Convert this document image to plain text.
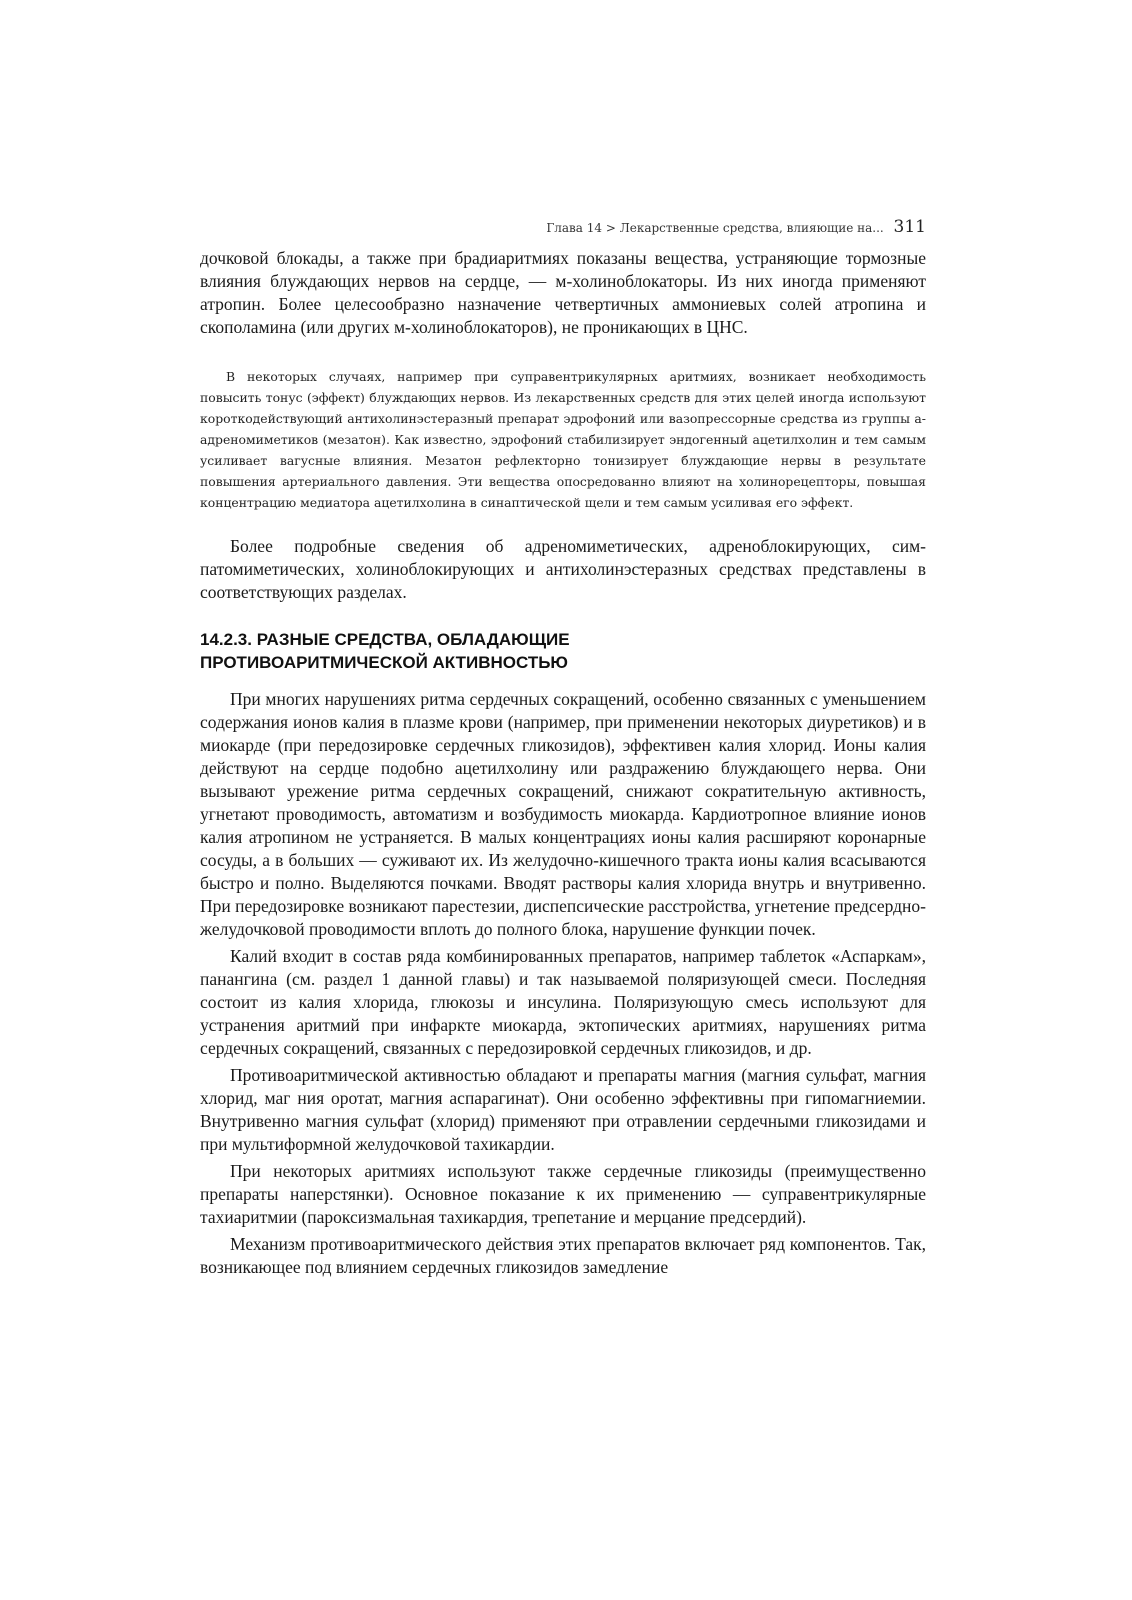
Глава 14 > Лекарственные средства, влияющие на... 311

дочковой блокады, а также при брадиаритмиях показаны вещества, устраняющие тормозные влияния блуждающих нервов на сердце, — м-холиноблокаторы. Из них иногда применяют атропин. Более целесообразно назначение четвертичных аммониевых солей атропина и скополамина (или других м-холиноблокаторов), не проникающих в ЦНС.

В некоторых случаях, например при суправентрикулярных аритмиях, возникает необходимость повысить тонус (эффект) блуждающих нервов. Из лекарственных средств для этих целей иногда используют короткодействующий антихолинэстеразный препарат эдрофоний или вазопрессорные средства из группы a-адреномиметиков (мезатон). Как известно, эдрофоний стабилизирует эндогенный ацетилхолин и тем самым усиливает вагусные влияния. Мезатон рефлекторно тонизирует блуждающие нервы в результате повышения артериального давления. Эти вещества опосредованно влияют на холинорецепторы, повышая концентрацию медиатора ацетилхолина в синаптической щели и тем самым усиливая его эффект.

Более подробные сведения об адреномиметических, адреноблокирующих, симпатомиметических, холиноблокирующих и антихолинэстеразных средствах представлены в соответствующих разделах.

14.2.3. РАЗНЫЕ СРЕДСТВА, ОБЛАДАЮЩИЕ

ПРОТИВОАРИТМИЧЕСКОЙ АКТИВНОСТЬЮ

При многих нарушениях ритма сердечных сокращений, особенно связанных с уменьшением содержания ионов калия в плазме крови (например, при применении некоторых диуретиков) и в миокарде (при передозировке сердечных гликозидов), эффективен калия хлорид. Ионы калия действуют на сердце подобно ацетилхолину или раздражению блуждающего нерва. Они вызывают урежение ритма сердечных сокращений, снижают сократительную активность, угнетают проводимость, автоматизм и возбудимость миокарда. Кардиотропное влияние ионов калия атропином не устраняется. В малых концентрациях ионы калия расширяют коронарные сосуды, а в больших — суживают их. Из желудочно-кишечного тракта ионы калия всасываются быстро и полно. Выделяются почками. Вводят растворы калия хлорида внутрь и внутривенно. При передозировке возникают парестезии, диспепсические расстройства, угнетение предсердно-желудочковой проводимости вплоть до полного блока, нарушение функции почек.

Калий входит в состав ряда комбинированных препаратов, например таблеток «Аспаркам», панангина (см. раздел 1 данной главы) и так называемой поляризующей смеси. Последняя состоит из калия хлорида, глюкозы и инсулина. Поляризующую смесь используют для устранения аритмий при инфаркте миокарда, эктопических аритмиях, нарушениях ритма сердечных сокращений, связанных с передозировкой сердечных гликозидов, и др.

Противоаритмической активностью обладают и препараты магния (магния сульфат, магния хлорид, маг ния оротат, магния аспарагинат). Они особенно эффективны при гипомагниемии. Внутривенно магния сульфат (хлорид) применяют при отравлении сердечными гликозидами и при мультиформной желудочковой тахикардии.

При некоторых аритмиях используют также сердечные гликозиды (преимущественно препараты наперстянки). Основное показание к их применению — суправентрикулярные тахиаритмии (пароксизмальная тахикардия, трепетание и мерцание предсердий).

Механизм противоаритмического действия этих препаратов включает ряд компонентов. Так, возникающее под влиянием сердечных гликозидов замедление
